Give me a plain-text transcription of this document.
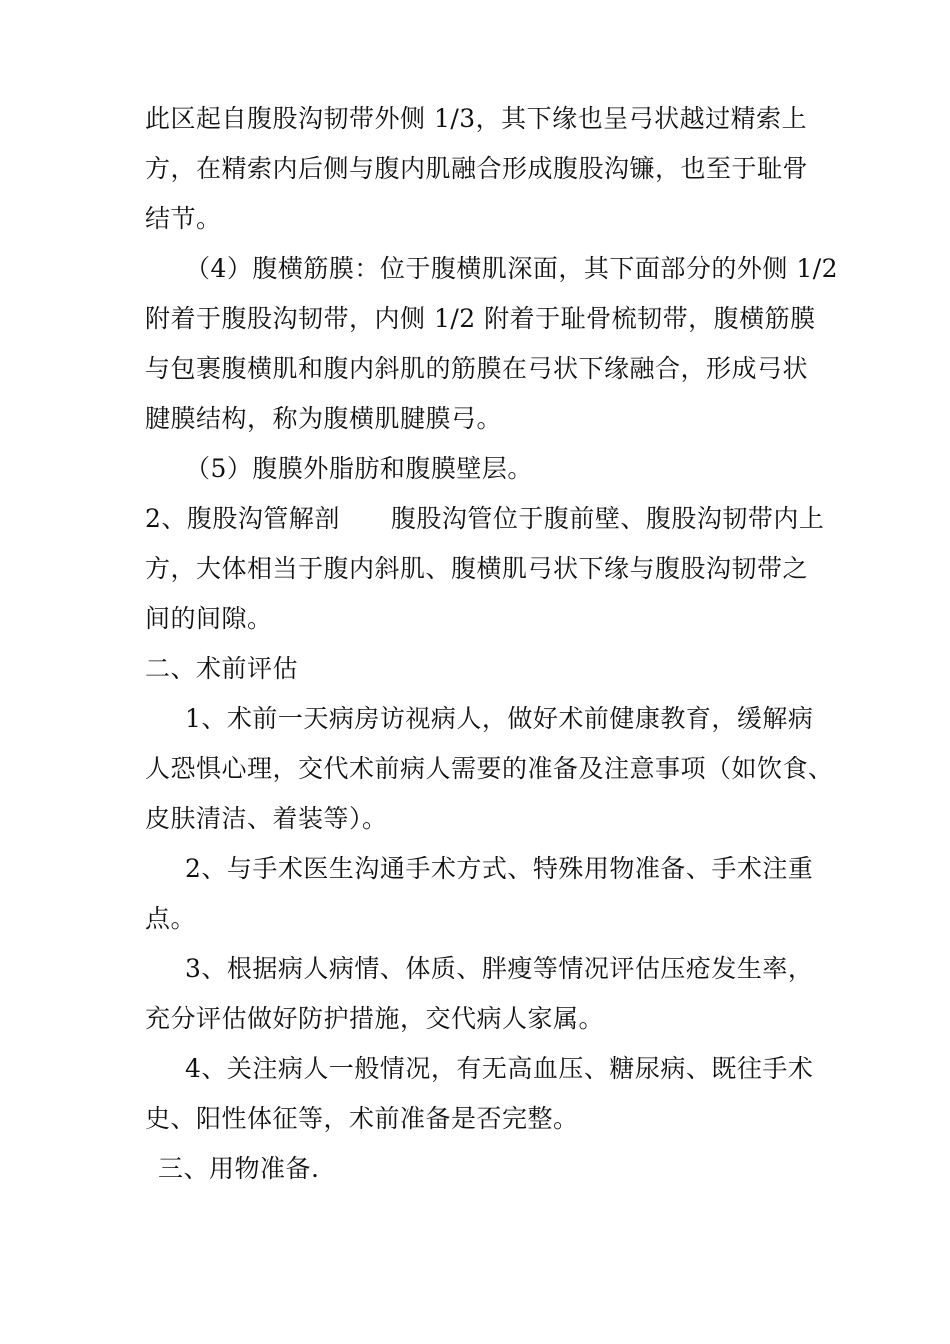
此区起自腹股沟韧带外侧 1/3，其下缘也呈弓状越过精索上
方，在精索内后侧与腹内肌融合形成腹股沟镰，也至于耻骨
结节。
（4）腹横筋膜：位于腹横肌深面，其下面部分的外侧 1/2
附着于腹股沟韧带，内侧 1/2 附着于耻骨梳韧带，腹横筋膜
与包裹腹横肌和腹内斜肌的筋膜在弓状下缘融合，形成弓状
腱膜结构，称为腹横肌腱膜弓。
（5）腹膜外脂肪和腹膜壁层。
2、腹股沟管解剖　　腹股沟管位于腹前壁、腹股沟韧带内上
方，大体相当于腹内斜肌、腹横肌弓状下缘与腹股沟韧带之
间的间隙。
二、术前评估
1、术前一天病房访视病人，做好术前健康教育，缓解病
人恐惧心理，交代术前病人需要的准备及注意事项（如饮食、
皮肤清洁、着装等）。
2、与手术医生沟通手术方式、特殊用物准备、手术注重
点。
3、根据病人病情、体质、胖瘦等情况评估压疮发生率，
充分评估做好防护措施，交代病人家属。
4、关注病人一般情况，有无高血压、糖尿病、既往手术
史、阳性体征等，术前准备是否完整。
三、用物准备.
